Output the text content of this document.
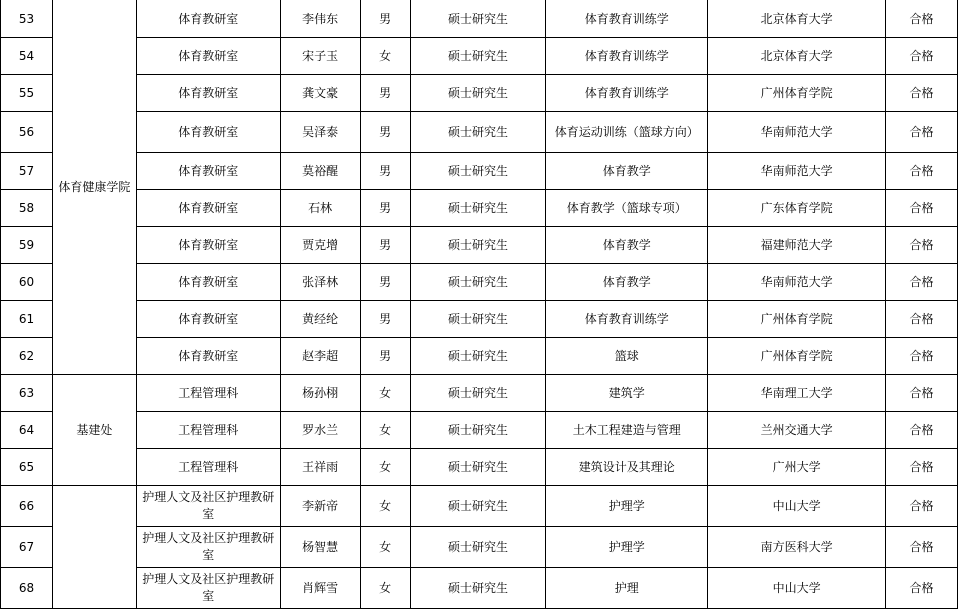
53	体育健康学院	体育教研室	李伟东	男	硕士研究生	体育教育训练学	北京体育大学	合格
54		体育教研室	宋子玉	女	硕士研究生	体育教育训练学	北京体育大学	合格
55		体育教研室	龚文豪	男	硕士研究生	体育教育训练学	广州体育学院	合格
56		体育教研室	吴泽泰	男	硕士研究生	体育运动训练（篮球方向）	华南师范大学	合格
57		体育教研室	莫裕醒	男	硕士研究生	体育教学	华南师范大学	合格
58		体育教研室	石林	男	硕士研究生	体育教学（篮球专项）	广东体育学院	合格
59		体育教研室	贾克增	男	硕士研究生	体育教学	福建师范大学	合格
60		体育教研室	张泽林	男	硕士研究生	体育教学	华南师范大学	合格
61		体育教研室	黄经纶	男	硕士研究生	体育教育训练学	广州体育学院	合格
62		体育教研室	赵李超	男	硕士研究生	篮球	广州体育学院	合格
63	基建处	工程管理科	杨孙栩	女	硕士研究生	建筑学	华南理工大学	合格
64		工程管理科	罗水兰	女	硕士研究生	土木工程建造与管理	兰州交通大学	合格
65		工程管理科	王祥雨	女	硕士研究生	建筑设计及其理论	广州大学	合格
66		护理人文及社区护理教研室	李新帝	女	硕士研究生	护理学	中山大学	合格
67		护理人文及社区护理教研室	杨智慧	女	硕士研究生	护理学	南方医科大学	合格
68		护理人文及社区护理教研室	肖辉雪	女	硕士研究生	护理	中山大学	合格
